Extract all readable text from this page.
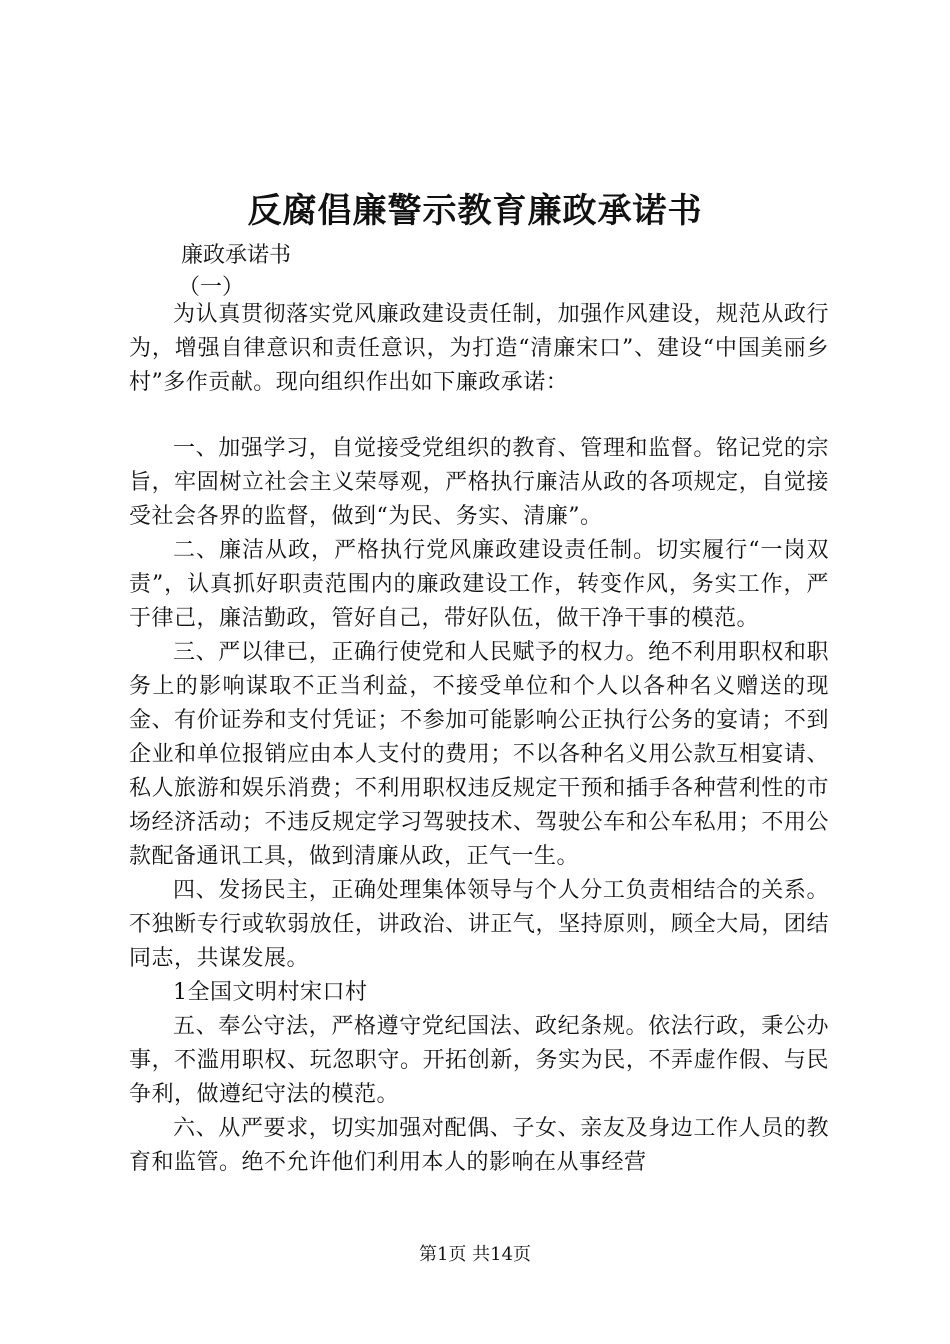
反腐倡廉警示教育廉政承诺书
廉政承诺书
（一）

为认真贯彻落实党风廉政建设责任制，加强作风建设，规范从政行为，增强自律意识和责任意识，为打造“清廉宋口”、建设“中国美丽乡村”多作贡献。现向组织作出如下廉政承诺：

一、加强学习，自觉接受党组织的教育、管理和监督。铭记党的宗旨，牢固树立社会主义荣辱观，严格执行廉洁从政的各项规定，自觉接受社会各界的监督，做到“为民、务实、清廉”。

二、廉洁从政，严格执行党风廉政建设责任制。切实履行“一岗双责”，认真抓好职责范围内的廉政建设工作，转变作风，务实工作，严于律己，廉洁勤政，管好自己，带好队伍，做干净干事的模范。

三、严以律已，正确行使党和人民赋予的权力。绝不利用职权和职务上的影响谋取不正当利益，不接受单位和个人以各种名义赠送的现金、有价证券和支付凭证；不参加可能影响公正执行公务的宴请；不到企业和单位报销应由本人支付的费用；不以各种名义用公款互相宴请、私人旅游和娱乐消费；不利用职权违反规定干预和插手各种营利性的市场经济活动；不违反规定学习驾驶技术、驾驶公车和公车私用；不用公款配备通讯工具，做到清廉从政，正气一生。

四、发扬民主，正确处理集体领导与个人分工负责相结合的关系。不独断专行或软弱放任，讲政治、讲正气，坚持原则，顾全大局，团结同志，共谋发展。

1全国文明村宋口村

五、奉公守法，严格遵守党纪国法、政纪条规。依法行政，秉公办事，不滥用职权、玩忽职守。开拓创新，务实为民，不弄虚作假、与民争利，做遵纪守法的模范。

六、从严要求，切实加强对配偶、子女、亲友及身边工作人员的教育和监管。绝不允许他们利用本人的影响在从事经营

第1页 共14页
